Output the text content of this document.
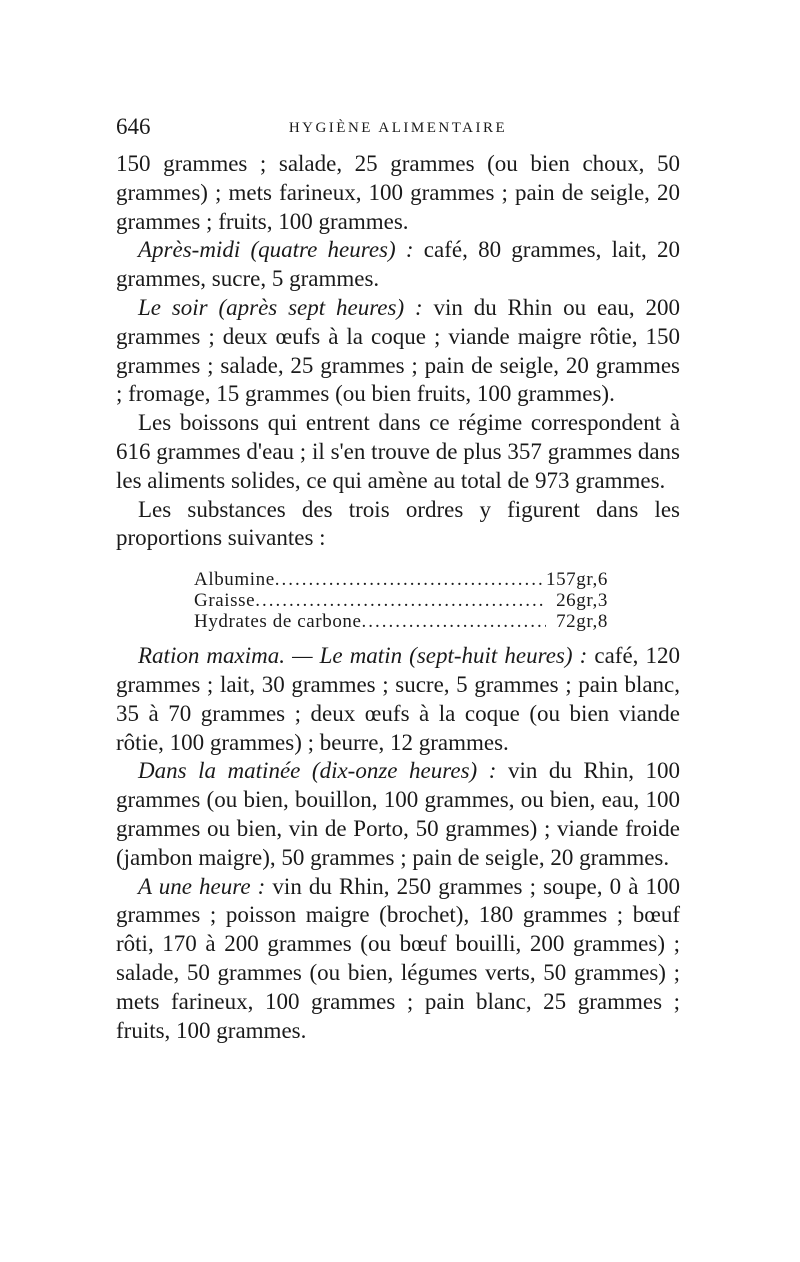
646	HYGIÈNE ALIMENTAIRE

150 grammes ; salade, 25 grammes (ou bien choux, 50 grammes) ; mets farineux, 100 grammes ; pain de seigle, 20 grammes ; fruits, 100 grammes.

Après-midi (quatre heures) : café, 80 grammes, lait, 20 grammes, sucre, 5 grammes.

Le soir (après sept heures) : vin du Rhin ou eau, 200 grammes ; deux œufs à la coque ; viande maigre rôtie, 150 grammes ; salade, 25 grammes ; pain de seigle, 20 grammes ; fromage, 15 grammes (ou bien fruits, 100 grammes).

Les boissons qui entrent dans ce régime correspondent à 616 grammes d'eau ; il s'en trouve de plus 357 grammes dans les aliments solides, ce qui amène au total de 973 grammes.

Les substances des trois ordres y figurent dans les proportions suivantes :

Albumine .....	157gr,6
Graisse .....	26gr,3
Hydrates de carbone .....	72gr,8

Ration maxima. — Le matin (sept-huit heures) : café, 120 grammes ; lait, 30 grammes ; sucre, 5 grammes ; pain blanc, 35 à 70 grammes ; deux œufs à la coque (ou bien viande rôtie, 100 grammes) ; beurre, 12 grammes.

Dans la matinée (dix-onze heures) : vin du Rhin, 100 grammes (ou bien, bouillon, 100 grammes, ou bien, eau, 100 grammes ou bien, vin de Porto, 50 grammes) ; viande froide (jambon maigre), 50 grammes ; pain de seigle, 20 grammes.

A une heure : vin du Rhin, 250 grammes ; soupe, 0 à 100 grammes ; poisson maigre (brochet), 180 grammes ; bœuf rôti, 170 à 200 grammes (ou bœuf bouilli, 200 grammes) ; salade, 50 grammes (ou bien, légumes verts, 50 grammes) ; mets farineux, 100 grammes ; pain blanc, 25 grammes ; fruits, 100 grammes.
